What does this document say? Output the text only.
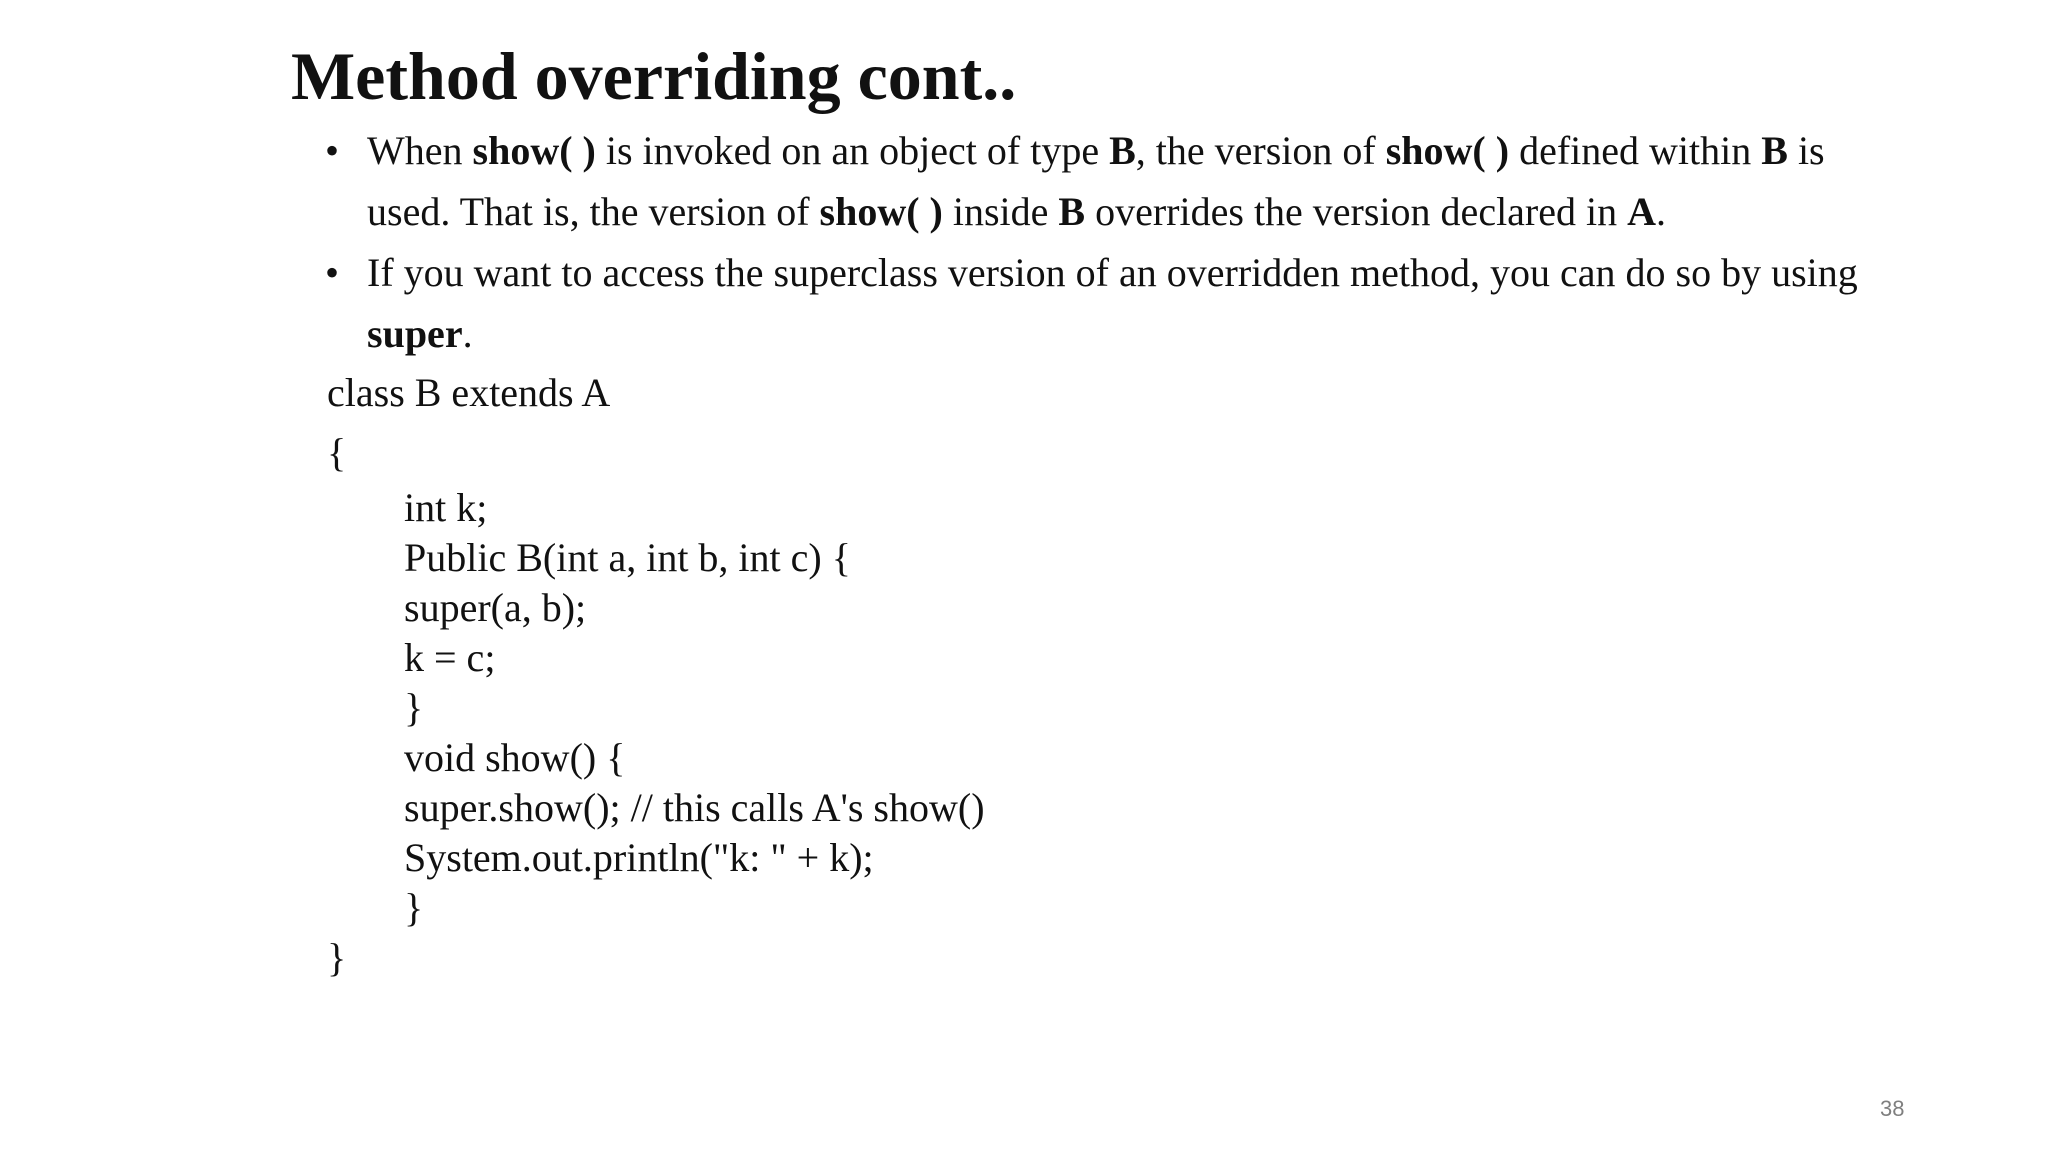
Method overriding cont..
• When show( ) is invoked on an object of type B, the version of show( ) defined within B is used. That is, the version of show( ) inside B overrides the version declared in A.
• If you want to access the superclass version of an overridden method, you can do so by using super.
class B extends A
{
int k;
Public B(int a, int b, int c) {
super(a, b);
k = c;
}
void show() {
super.show(); // this calls A's show()
System.out.println("k: " + k);
}
}
38
